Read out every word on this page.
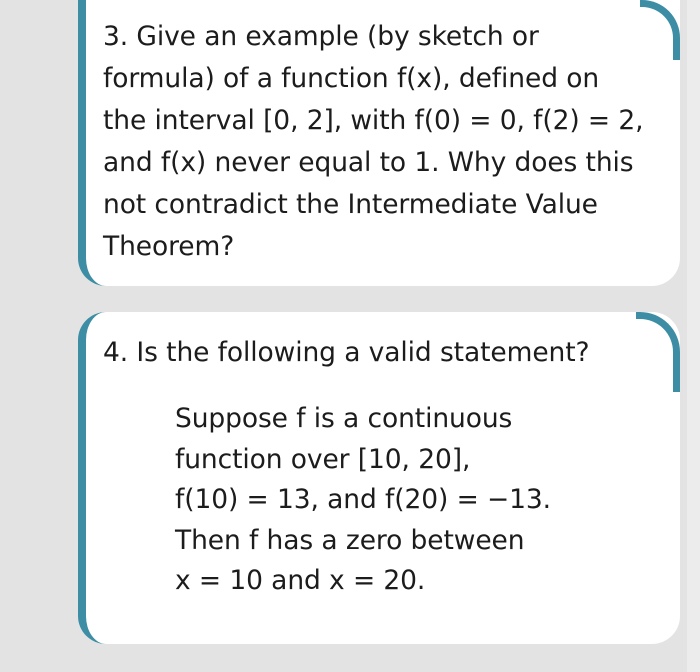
3. Give an example (by sketch or
formula) of a function f(x), defined on
the interval [0, 2], with f(0) = 0, f(2) = 2,
and f(x) never equal to 1. Why does this
not contradict the Intermediate Value
Theorem?
4. Is the following a valid statement?
Suppose f is a continuous
function over [10, 20],
f(10) = 13, and f(20) = −13.
Then f has a zero between
x = 10 and x = 20.
